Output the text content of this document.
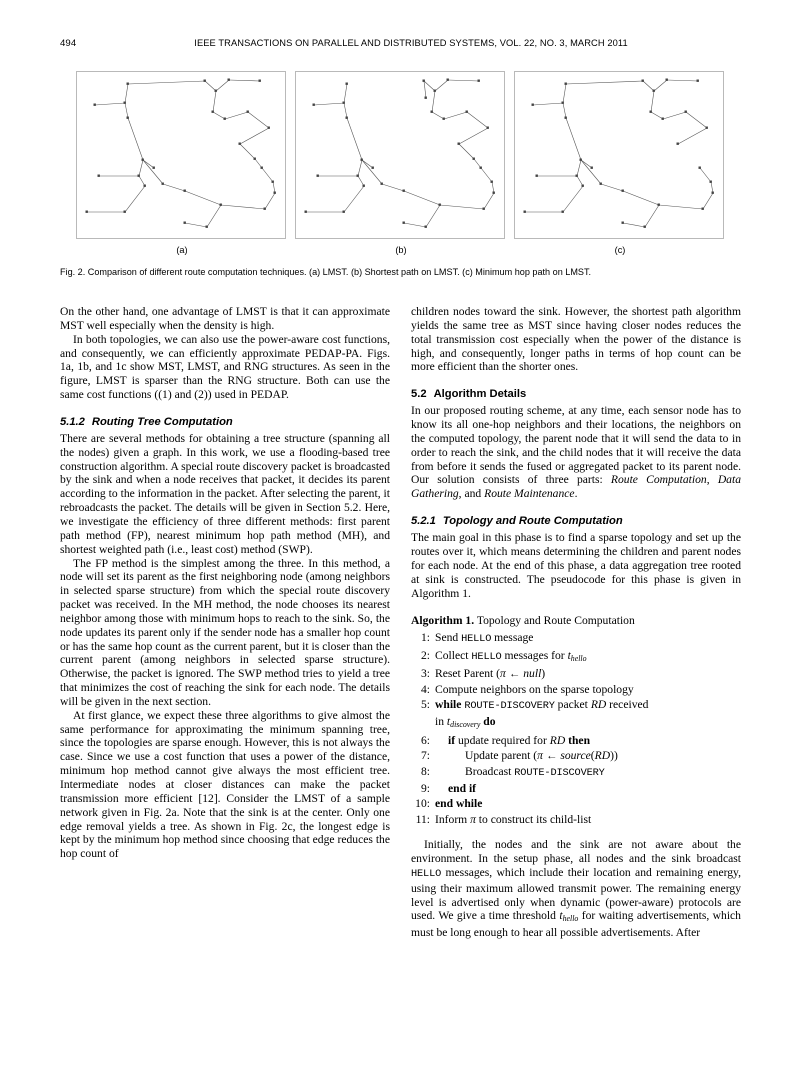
494	IEEE TRANSACTIONS ON PARALLEL AND DISTRIBUTED SYSTEMS, VOL. 22, NO. 3, MARCH 2011
(a)	(b)	(c)
Fig. 2. Comparison of different route computation techniques. (a) LMST. (b) Shortest path on LMST. (c) Minimum hop path on LMST.

On the other hand, one advantage of LMST is that it can approximate MST well especially when the density is high.

In both topologies, we can also use the power-aware cost functions, and consequently, we can efficiently approximate PEDAP-PA. Figs. 1a, 1b, and 1c show MST, LMST, and RNG structures. As seen in the figure, LMST is sparser than the RNG structure. Both can use the same cost functions ((1) and (2)) used in PEDAP.

5.1.2 Routing Tree Computation

There are several methods for obtaining a tree structure (spanning all the nodes) given a graph. In this work, we use a flooding-based tree construction algorithm. A special route discovery packet is broadcasted by the sink and when a node receives that packet, it decides its parent according to the information in the packet. After selecting the parent, it rebroadcasts the packet. The details will be given in Section 5.2. Here, we investigate the efficiency of three different methods: first parent path method (FP), nearest minimum hop path method (MH), and shortest weighted path (i.e., least cost) method (SWP).

The FP method is the simplest among the three. In this method, a node will set its parent as the first neighboring node (among neighbors in selected sparse structure) from which the special route discovery packet was received. In the MH method, the node chooses its nearest neighbor among those with minimum hops to reach to the sink. So, the node updates its parent only if the sender node has a smaller hop count or has the same hop count as the current parent, but it is closer than the current parent (among neighbors in selected sparse structure). Otherwise, the packet is ignored. The SWP method tries to yield a tree that minimizes the cost of reaching the sink for each node. The details will be given in the next section.

At first glance, we expect these three algorithms to give almost the same performance for approximating the minimum spanning tree, since the topologies are sparse enough. However, this is not always the case. Since we use a cost function that uses a power of the distance, minimum hop method cannot give always the most efficient tree. Intermediate nodes at closer distances can make the packet transmission more efficient [12]. Consider the LMST of a sample network given in Fig. 2a. Note that the sink is at the center. Only one edge removal yields a tree. As shown in Fig. 2c, the longest edge is kept by the minimum hop method since choosing that edge reduces the hop count of

children nodes toward the sink. However, the shortest path algorithm yields the same tree as MST since having closer nodes reduces the total transmission cost especially when the power of the distance is high, and consequently, longer paths in terms of hop count can be more efficient than the shorter ones.

5.2 Algorithm Details

In our proposed routing scheme, at any time, each sensor node has to know its all one-hop neighbors and their locations, the neighbors on the computed topology, the parent node that it will send the data to in order to reach the sink, and the child nodes that it will receive the data from before it sends the fused or aggregated packet to its parent node. Our solution consists of three parts: Route Computation, Data Gathering, and Route Maintenance.

5.2.1 Topology and Route Computation

The main goal in this phase is to find a sparse topology and set up the routes over it, which means determining the children and parent nodes for each node. At the end of this phase, a data aggregation tree rooted at sink is constructed. The pseudocode for this phase is given in Algorithm 1.

Algorithm 1. Topology and Route Computation
1: Send HELLO message
2: Collect HELLO messages for $t_{hello}$
3: Reset Parent (π ← null)
4: Compute neighbors on the sparse topology
5: while ROUTE-DISCOVERY packet RD received
in $t_{discovery}$ do
6: if update required for RD then
7:	Update parent (π ← source(RD))
8:	Broadcast ROUTE-DISCOVERY
9: end if
10: end while
11: Inform π to construct its child-list

Initially, the nodes and the sink are not aware about the environment. In the setup phase, all nodes and the sink broadcast HELLO messages, which include their location and remaining energy, using their maximum allowed transmit power. The remaining energy level is advertised only when dynamic (power-aware) protocols are used. We give a time threshold $t_{hello}$ for waiting advertisements, which must be long enough to hear all possible advertisements. After
